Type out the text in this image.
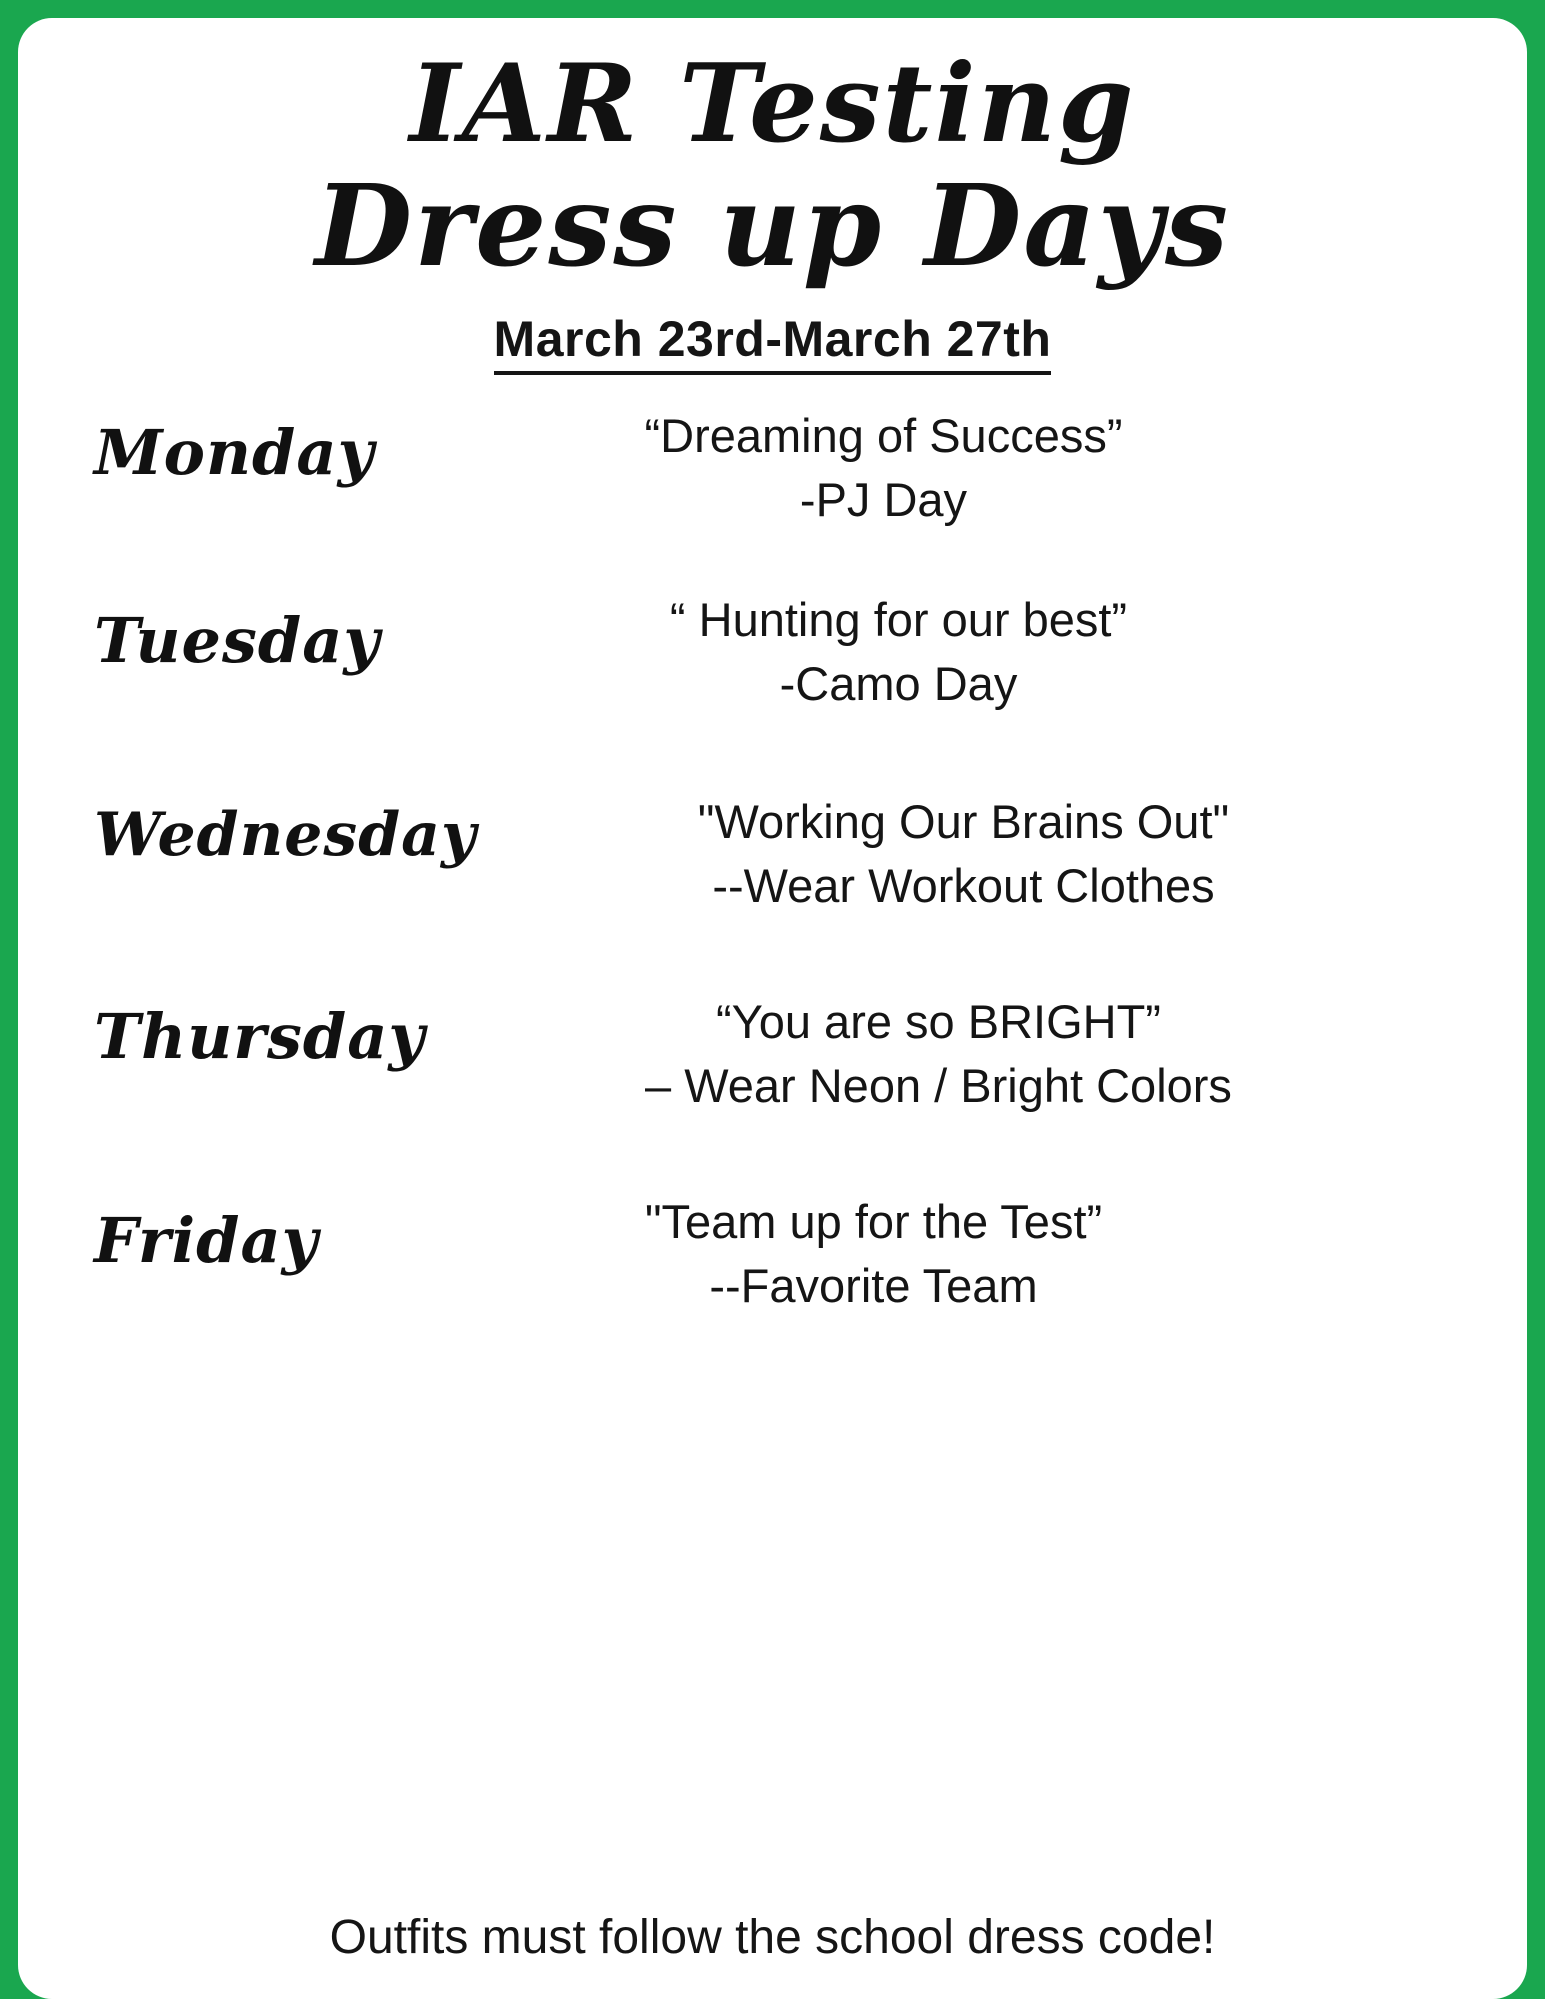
IAR Testing
Dress up Days
March 23rd-March 27th
Monday	“Dreaming of Success”
-PJ Day
Tuesday	“ Hunting for our best”
-Camo Day
Wednesday	"Working Our Brains Out"
--Wear Workout Clothes
Thursday	“You are so BRIGHT”
– Wear Neon / Bright Colors
Friday	"Team up for the Test”
--Favorite Team
Outfits must follow the school dress code!
